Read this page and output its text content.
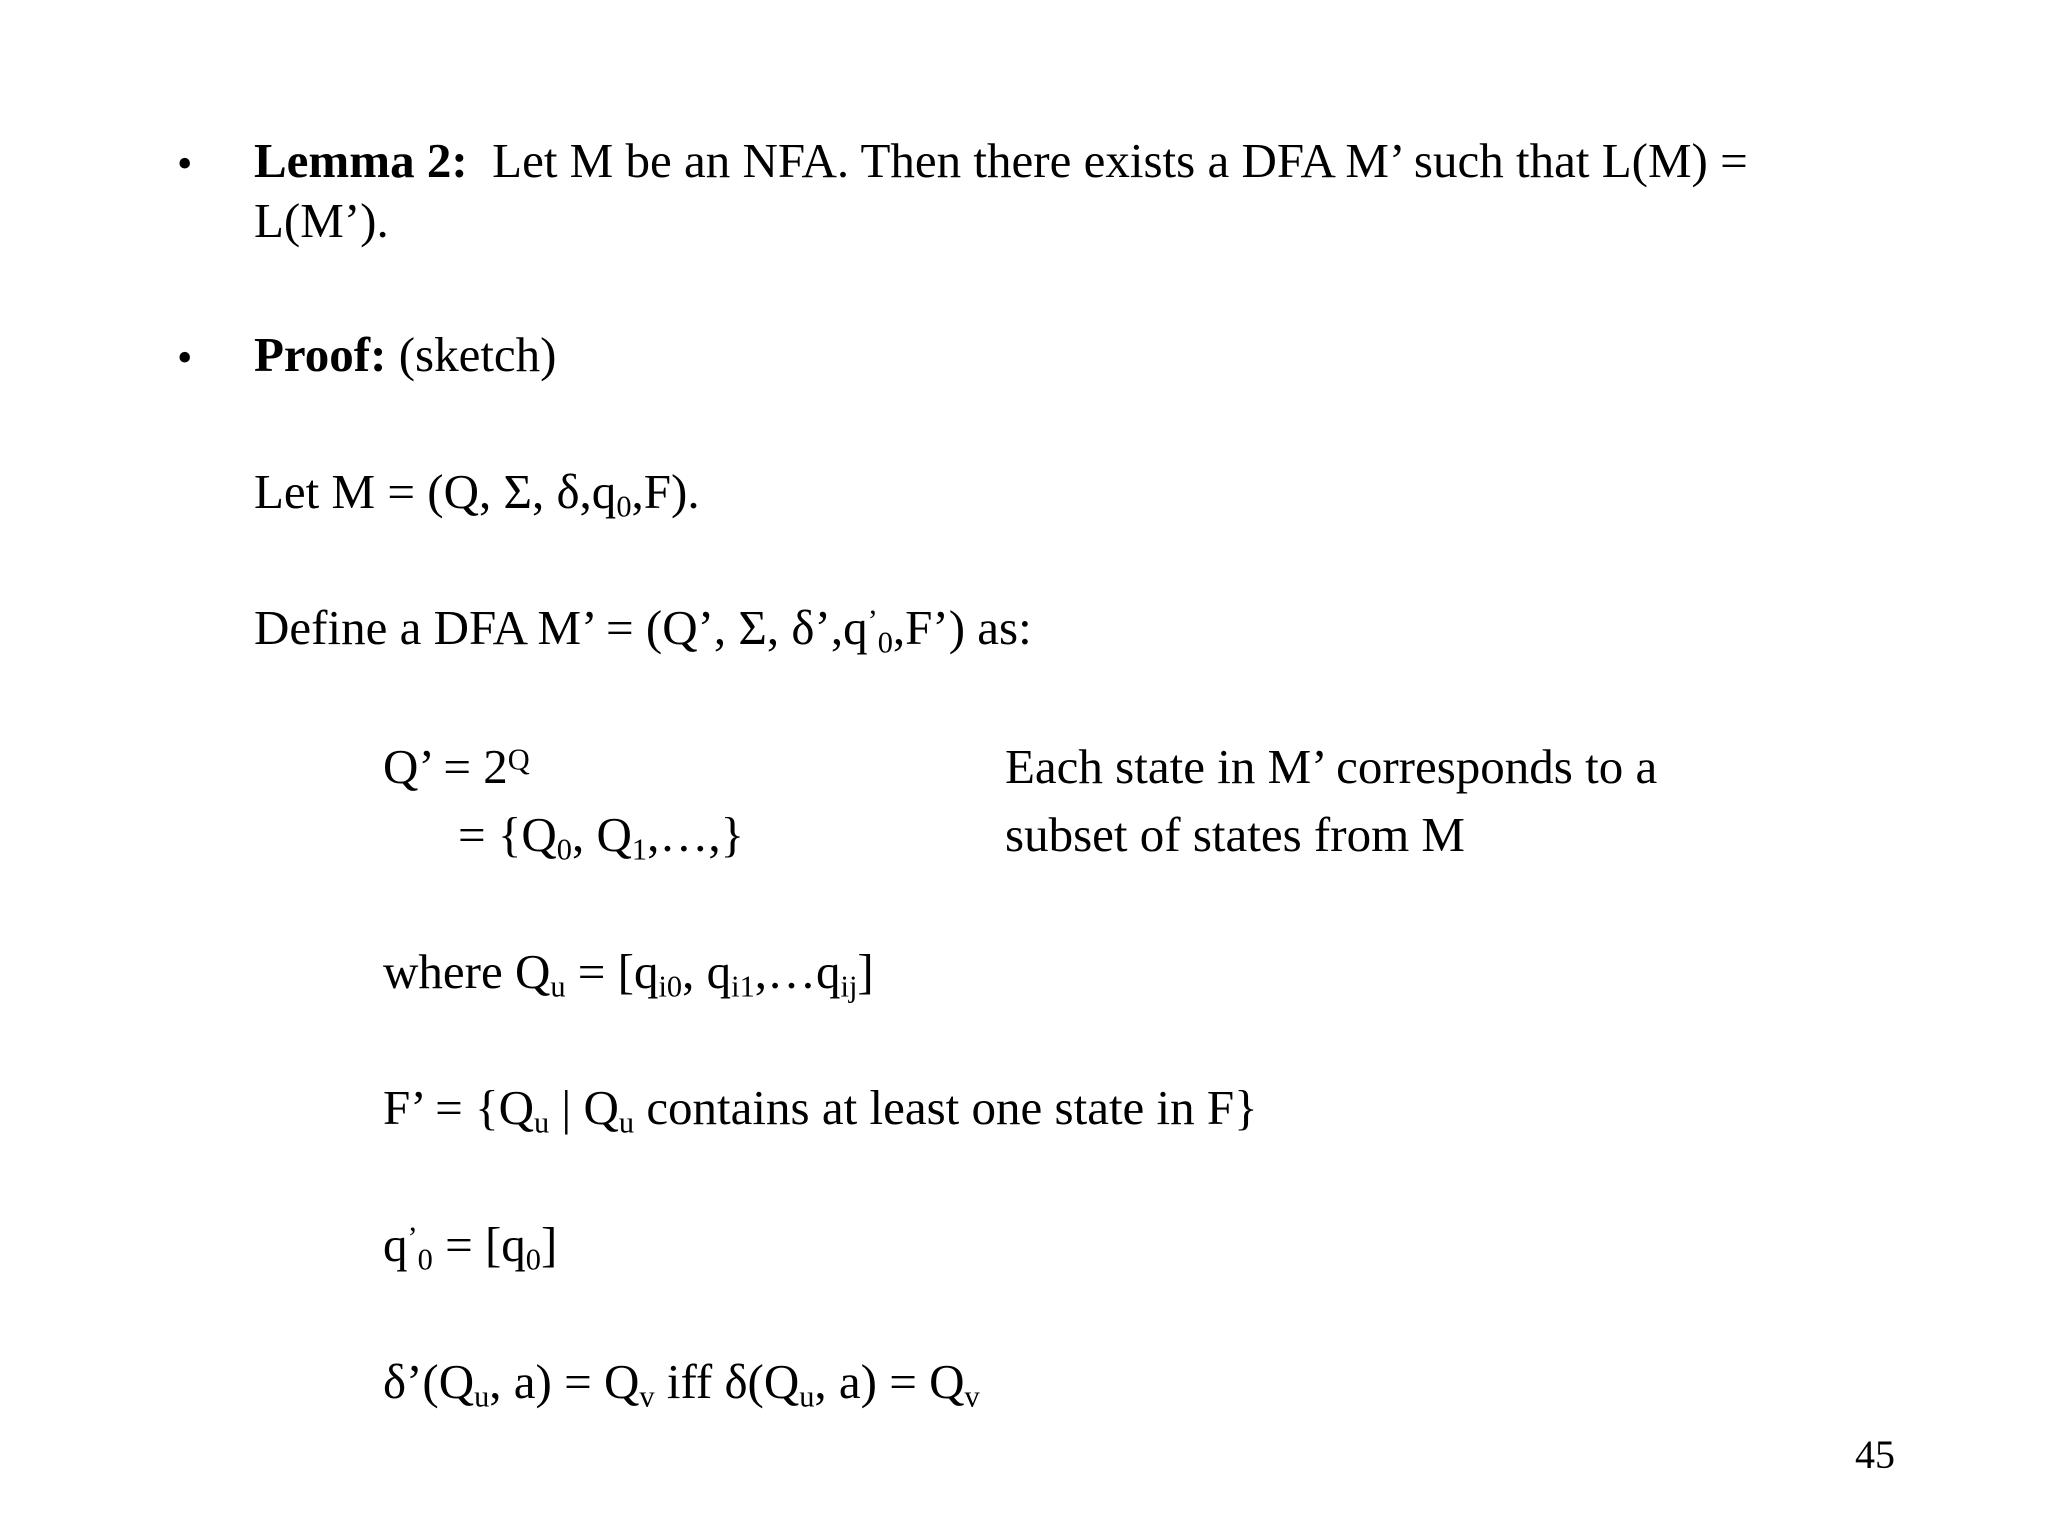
• Lemma 2: Let M be an NFA. Then there exists a DFA M’ such that L(M) =
L(M’).
• Proof: (sketch)
Let M = (Q, Σ, $\delta,q_0,F$).
Define a DFA M’ = (Q’, Σ, $\delta’,q^’_0,F$’) as:
Q’ = $2^Q$
= {$Q_0$, $Q_1,\dots$,}
Each state in M’ corresponds to a
subset of states from M
where $Q_u = [q_{i0}$, $q_{i1},\dots q_{ij}$]
F’ = {$Q_u$ | $Q_u$ contains at least one state in F}
$q^’_0 = [q_0]$
$\delta’(Q_u$, $a) = Q_v$ iff $\delta(Q_u$, $a) = Q_v$
45
